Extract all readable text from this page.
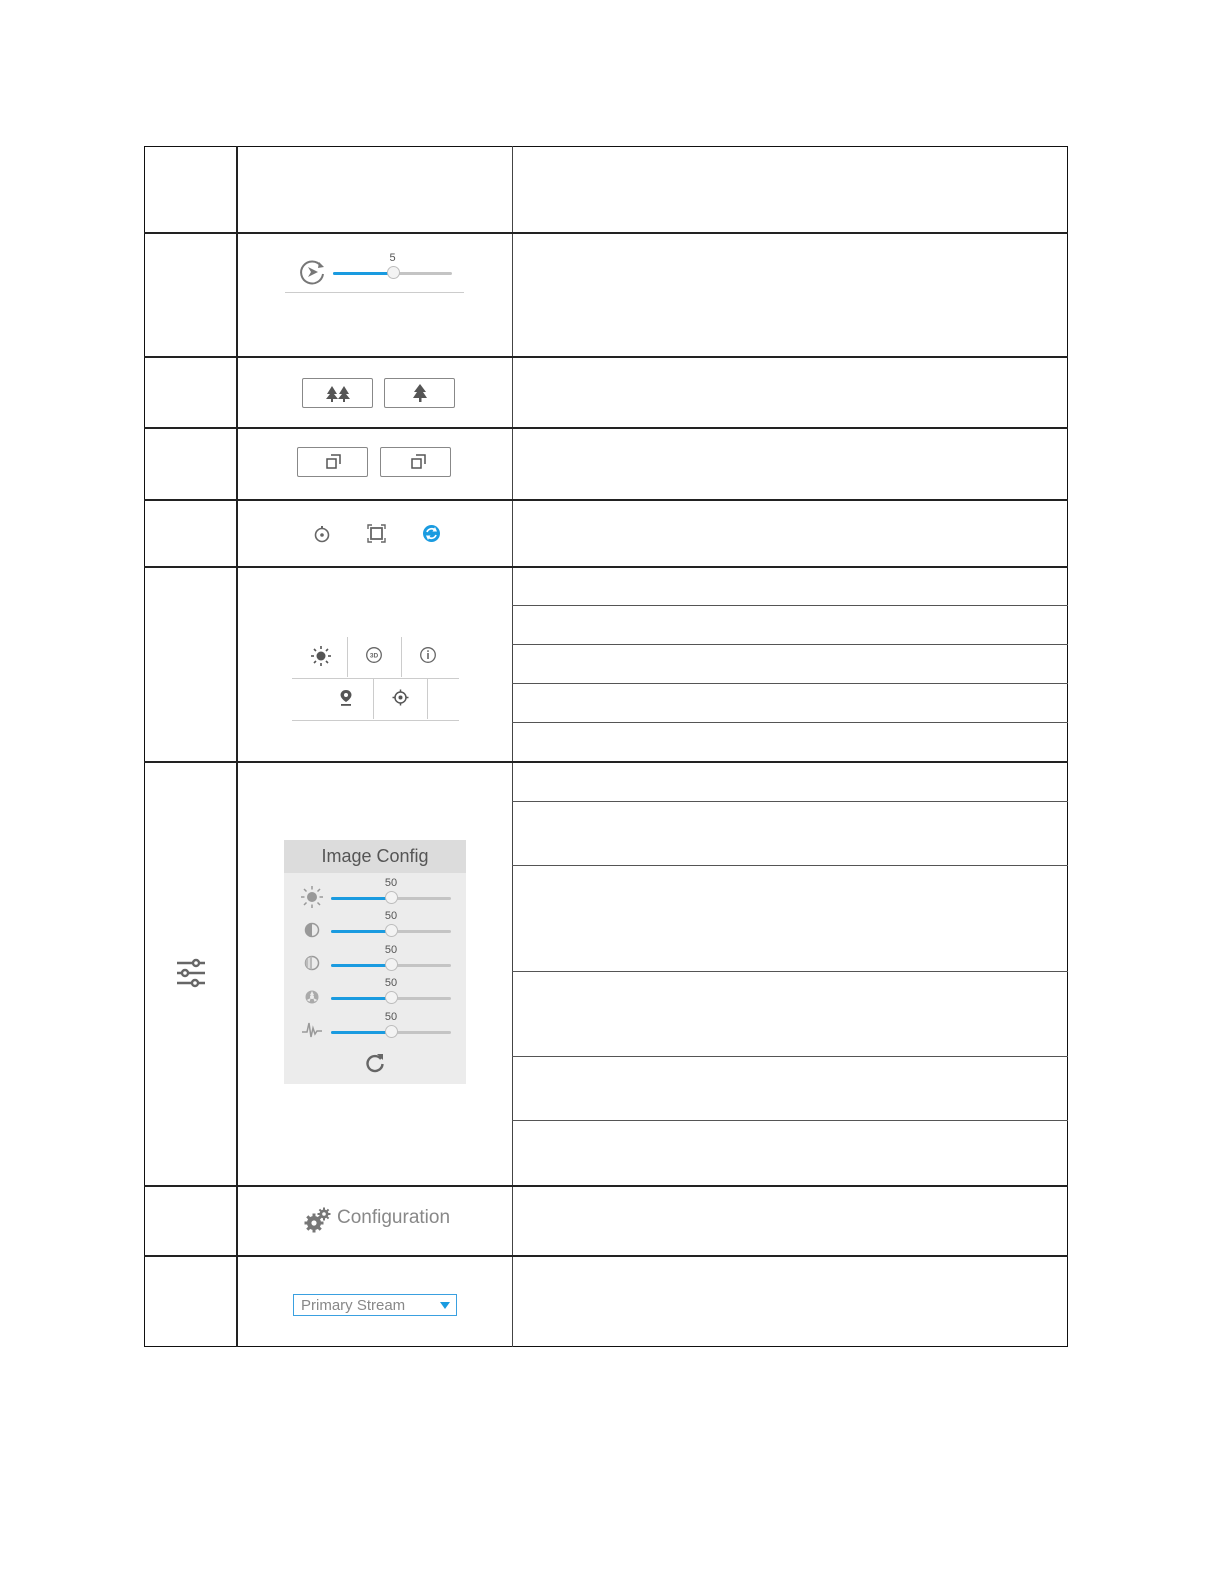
5
3D
Image Config
50
50
50
50
50
Configuration
Primary Stream
